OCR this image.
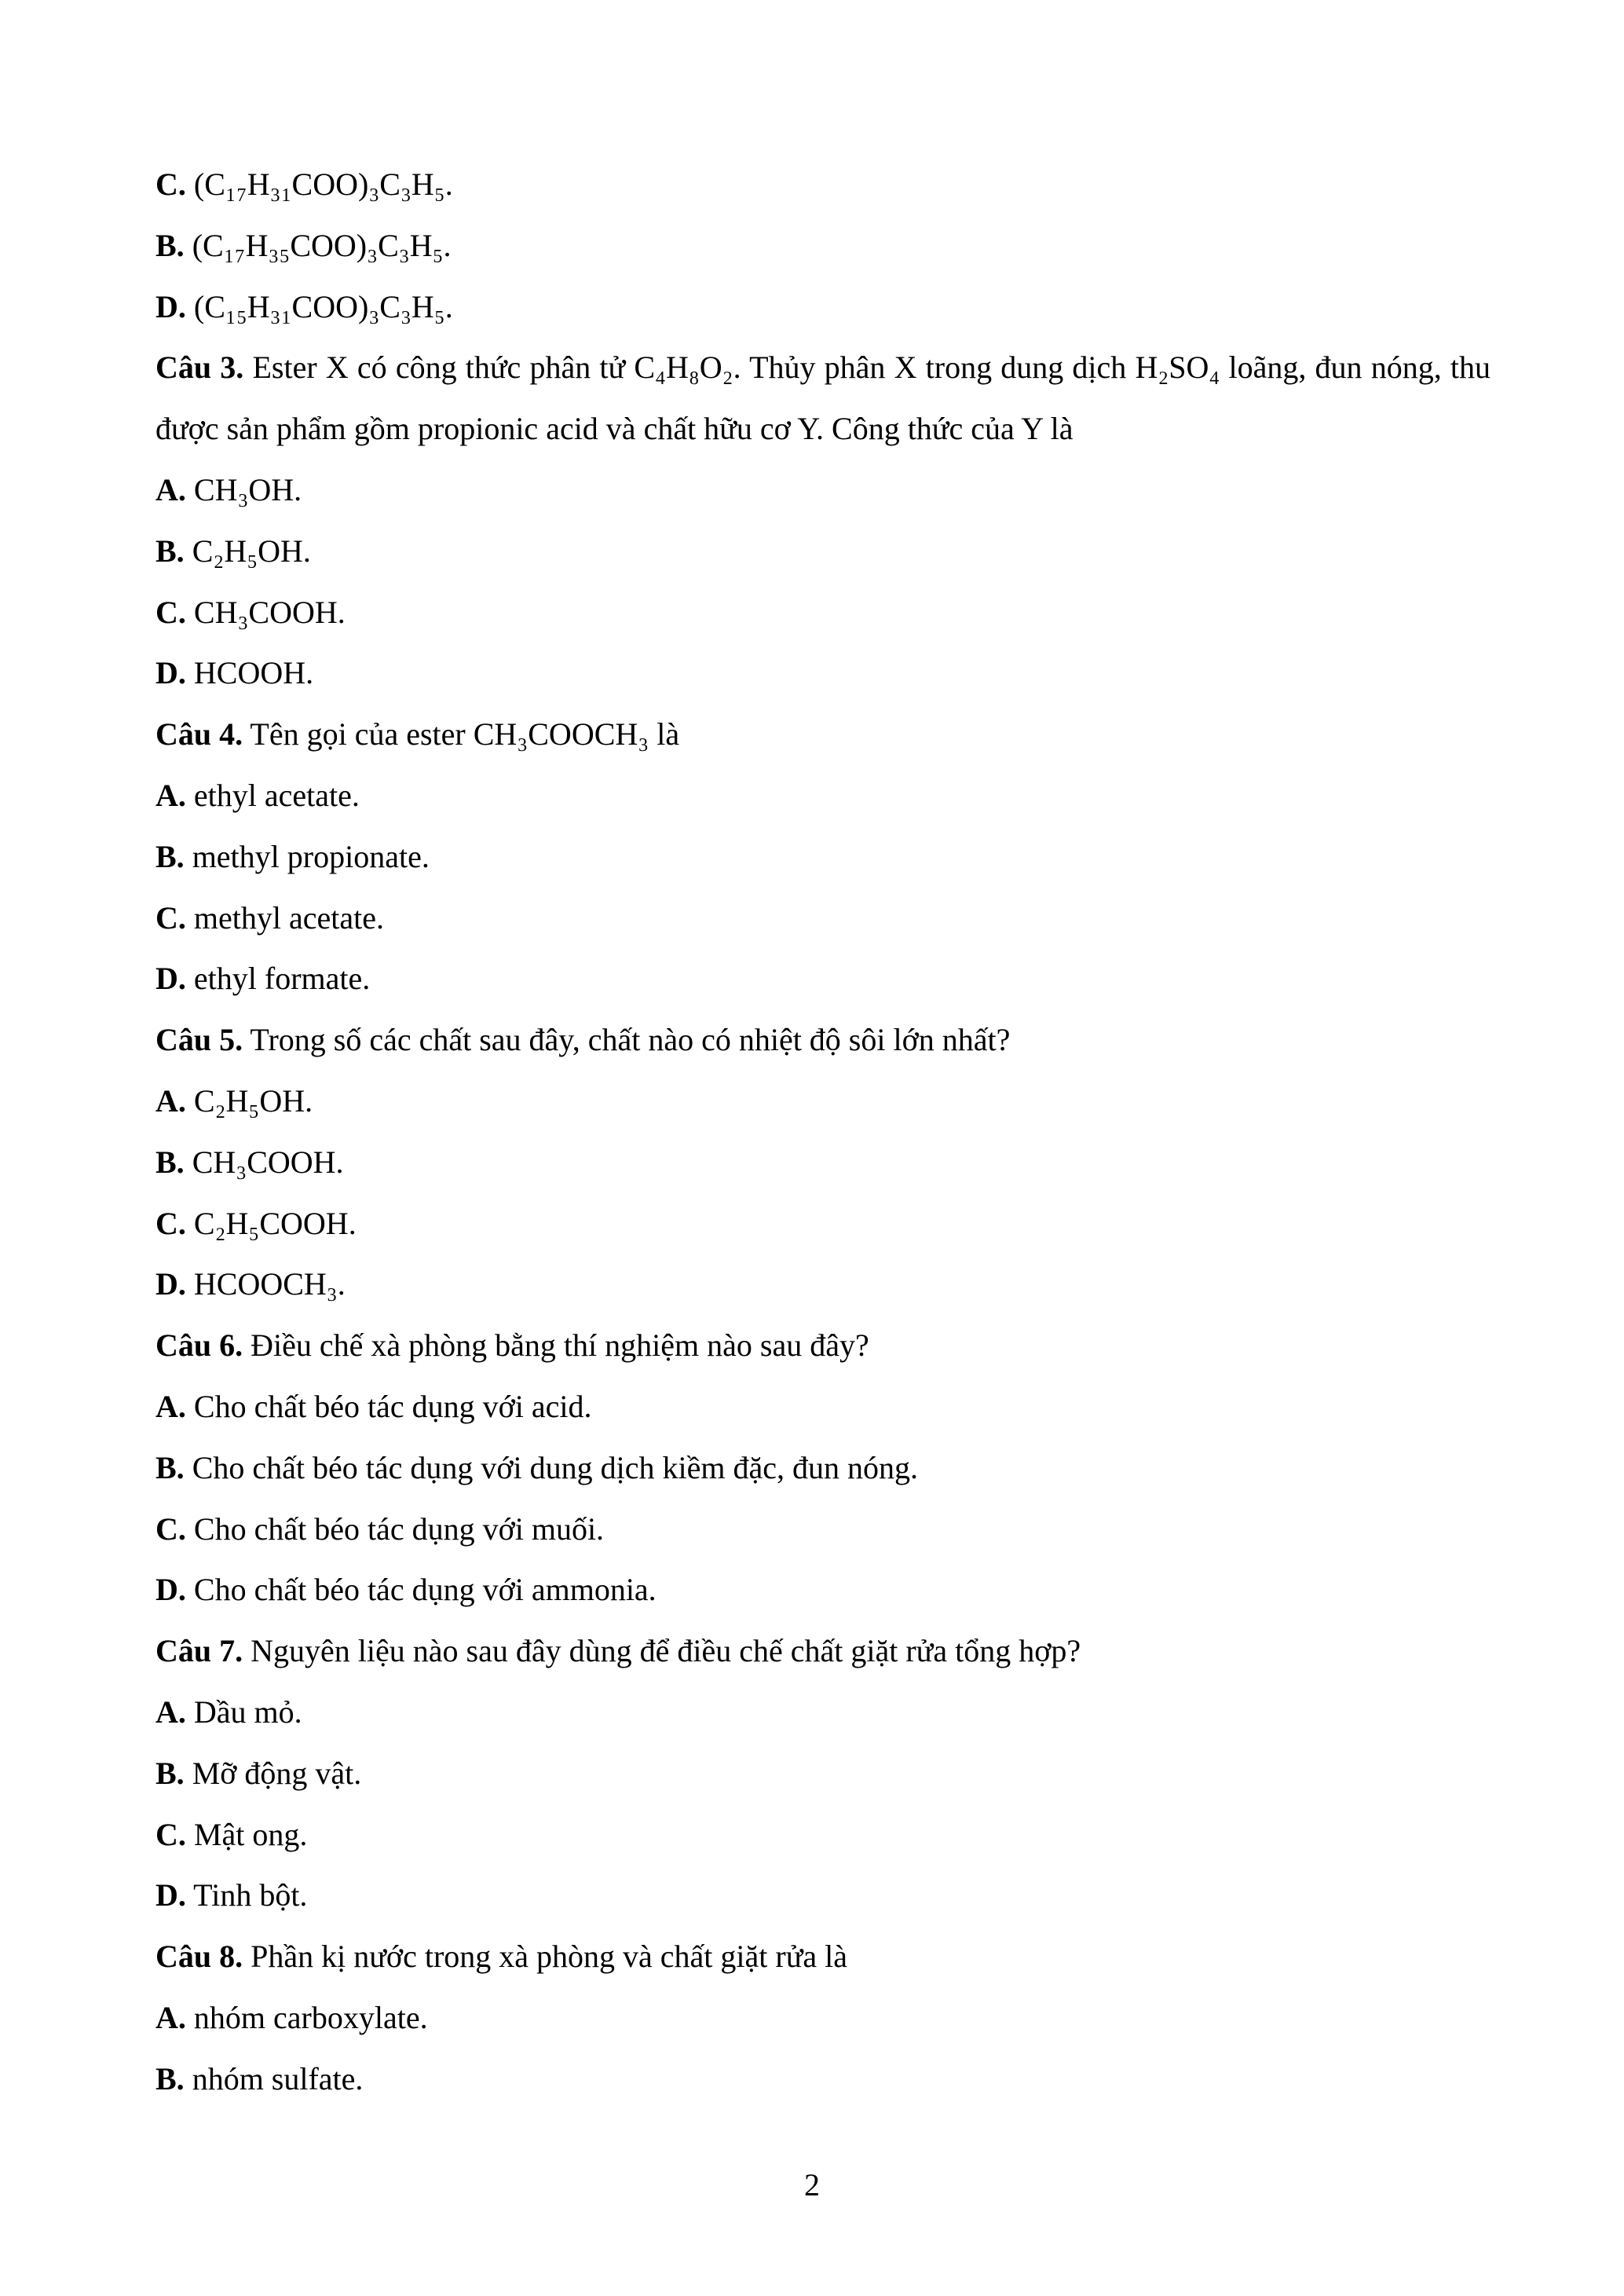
C. (C₁₇H₃₁COO)₃C₃H₅.
B. (C₁₇H₃₅COO)₃C₃H₅.
D. (C₁₅H₃₁COO)₃C₃H₅.
Câu 3. Ester X có công thức phân tử C₄H₈O₂. Thủy phân X trong dung dịch H₂SO₄ loãng, đun nóng, thu được sản phẩm gồm propionic acid và chất hữu cơ Y. Công thức của Y là
A. CH₃OH.
B. C₂H₅OH.
C. CH₃COOH.
D. HCOOH.
Câu 4. Tên gọi của ester CH₃COOCH₃ là
A. ethyl acetate.
B. methyl propionate.
C. methyl acetate.
D. ethyl formate.
Câu 5. Trong số các chất sau đây, chất nào có nhiệt độ sôi lớn nhất?
A. C₂H₅OH.
B. CH₃COOH.
C. C₂H₅COOH.
D. HCOOCH₃.
Câu 6. Điều chế xà phòng bằng thí nghiệm nào sau đây?
A. Cho chất béo tác dụng với acid.
B. Cho chất béo tác dụng với dung dịch kiềm đặc, đun nóng.
C. Cho chất béo tác dụng với muối.
D. Cho chất béo tác dụng với ammonia.
Câu 7. Nguyên liệu nào sau đây dùng để điều chế chất giặt rửa tổng hợp?
A. Dầu mỏ.
B. Mỡ động vật.
C. Mật ong.
D. Tinh bột.
Câu 8. Phần kị nước trong xà phòng và chất giặt rửa là
A. nhóm carboxylate.
B. nhóm sulfate.
2
